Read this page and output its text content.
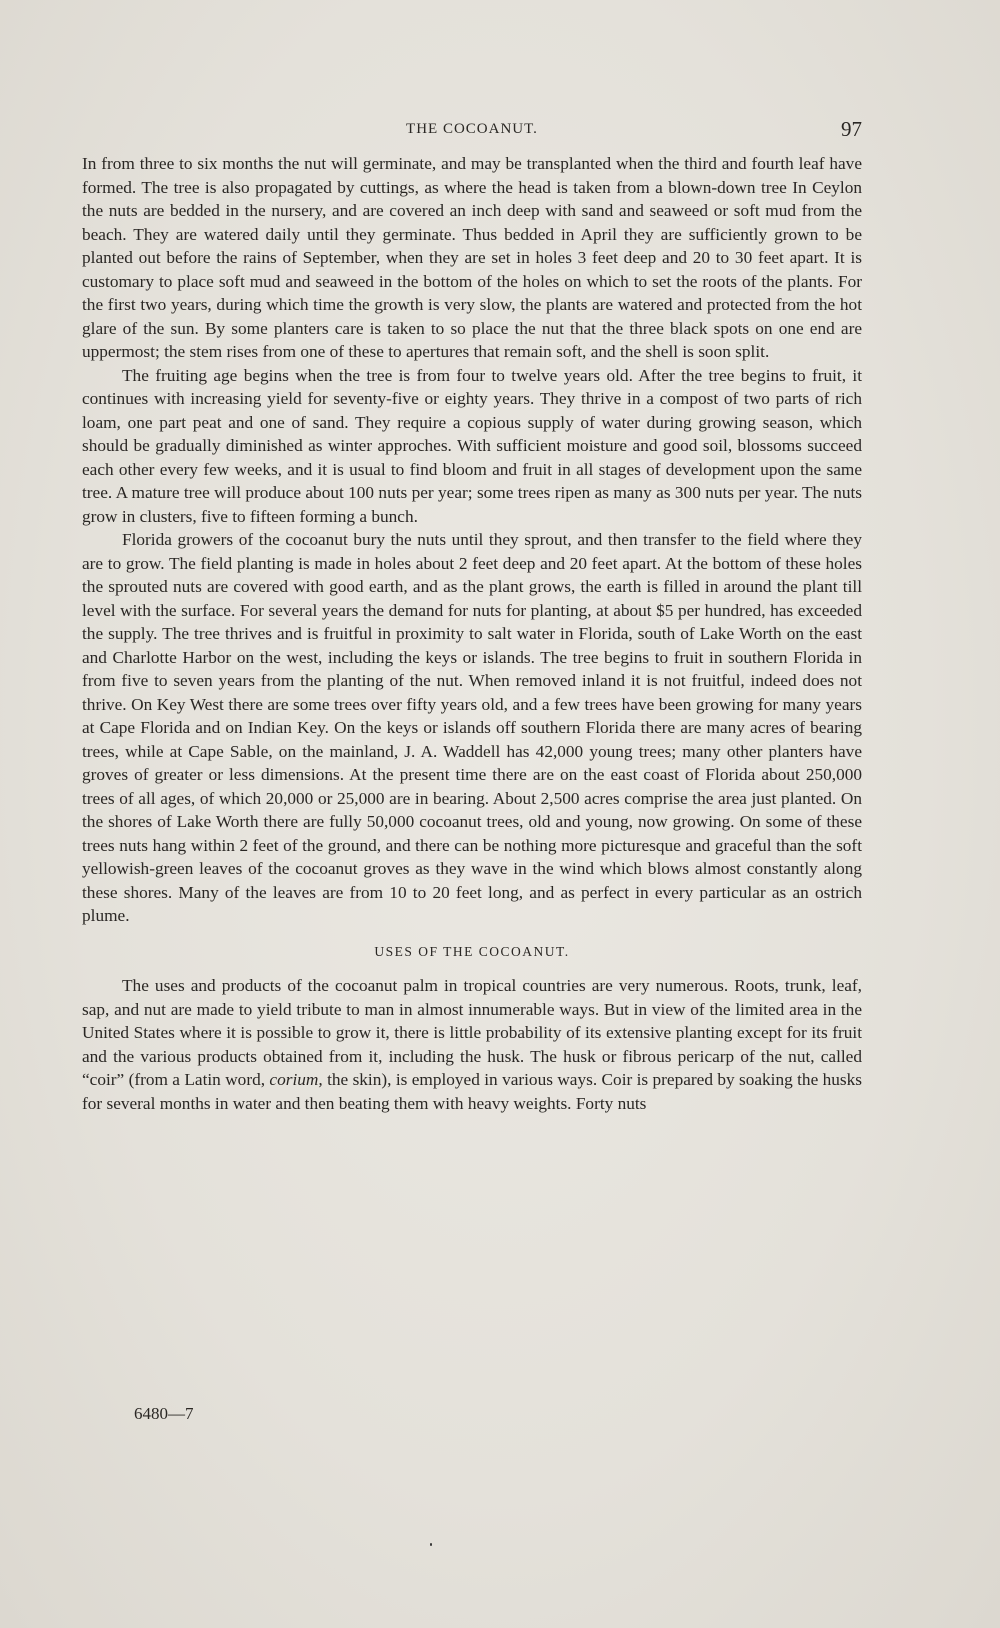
THE COCOANUT.	97

In from three to six months the nut will germinate, and may be transplanted when the third and fourth leaf have formed. The tree is also propagated by cuttings, as where the head is taken from a blown-down tree In Ceylon the nuts are bedded in the nursery, and are covered an inch deep with sand and seaweed or soft mud from the beach. They are watered daily until they germinate. Thus bedded in April they are sufficiently grown to be planted out before the rains of September, when they are set in holes 3 feet deep and 20 to 30 feet apart. It is customary to place soft mud and seaweed in the bottom of the holes on which to set the roots of the plants. For the first two years, during which time the growth is very slow, the plants are watered and protected from the hot glare of the sun. By some planters care is taken to so place the nut that the three black spots on one end are uppermost; the stem rises from one of these to apertures that remain soft, and the shell is soon split.

The fruiting age begins when the tree is from four to twelve years old. After the tree begins to fruit, it continues with increasing yield for seventy-five or eighty years. They thrive in a compost of two parts of rich loam, one part peat and one of sand. They require a copious supply of water during growing season, which should be gradually diminished as winter approches. With sufficient moisture and good soil, blossoms succeed each other every few weeks, and it is usual to find bloom and fruit in all stages of development upon the same tree. A mature tree will produce about 100 nuts per year; some trees ripen as many as 300 nuts per year. The nuts grow in clusters, five to fifteen forming a bunch.

Florida growers of the cocoanut bury the nuts until they sprout, and then transfer to the field where they are to grow. The field planting is made in holes about 2 feet deep and 20 feet apart. At the bottom of these holes the sprouted nuts are covered with good earth, and as the plant grows, the earth is filled in around the plant till level with the surface. For several years the demand for nuts for planting, at about $5 per hundred, has exceeded the supply. The tree thrives and is fruitful in proximity to salt water in Florida, south of Lake Worth on the east and Charlotte Harbor on the west, including the keys or islands. The tree begins to fruit in southern Florida in from five to seven years from the planting of the nut. When removed inland it is not fruitful, indeed does not thrive. On Key West there are some trees over fifty years old, and a few trees have been growing for many years at Cape Florida and on Indian Key. On the keys or islands off southern Florida there are many acres of bearing trees, while at Cape Sable, on the mainland, J. A. Waddell has 42,000 young trees; many other planters have groves of greater or less dimensions. At the present time there are on the east coast of Florida about 250,000 trees of all ages, of which 20,000 or 25,000 are in bearing. About 2,500 acres comprise the area just planted. On the shores of Lake Worth there are fully 50,000 cocoanut trees, old and young, now growing. On some of these trees nuts hang within 2 feet of the ground, and there can be nothing more picturesque and graceful than the soft yellowish-green leaves of the cocoanut groves as they wave in the wind which blows almost constantly along these shores. Many of the leaves are from 10 to 20 feet long, and as perfect in every particular as an ostrich plume.

USES OF THE COCOANUT.

The uses and products of the cocoanut palm in tropical countries are very numerous. Roots, trunk, leaf, sap, and nut are made to yield tribute to man in almost innumerable ways. But in view of the limited area in the United States where it is possible to grow it, there is little probability of its extensive planting except for its fruit and the various products obtained from it, including the husk. The husk or fibrous pericarp of the nut, called “coir” (from a Latin word, corium, the skin), is employed in various ways. Coir is prepared by soaking the husks for several months in water and then beating them with heavy weights. Forty nuts

6480—7
